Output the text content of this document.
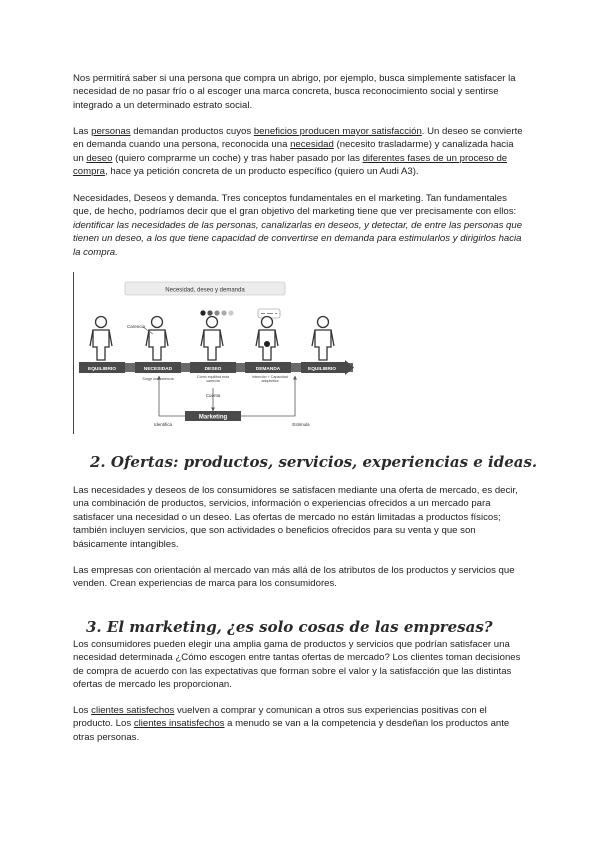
Nos permitirá saber si una persona que compra un abrigo, por ejemplo, busca simplemente satisfacer la necesidad de no pasar frío o al escoger una marca concreta, busca reconocimiento social y sentirse integrado a un determinado estrato social.

Las personas demandan productos cuyos beneficios producen mayor satisfacción. Un deseo se convierte en demanda cuando una persona, reconocida una necesidad (necesito trasladarme) y canalizada hacia un deseo (quiero comprarme un coche) y tras haber pasado por las diferentes fases de un proceso de compra, hace ya petición concreta de un producto específico (quiero un Audi A3).

Necesidades, Deseos y demanda. Tres conceptos fundamentales en el marketing. Tan fundamentales que, de hecho, podríamos decir que el gran objetivo del marketing tiene que ver precisamente con ellos: identificar las necesidades de las personas, canalizarlas en deseos, y detectar, de entre las personas que tienen un deseo, a los que tiene capacidad de convertirse en demanda para estimularlos y dirigirlos hacia la compra.

Necesidad, deseo y demanda
Carencia
EQUILIBRIO	NECESIDAD	DESEO	DEMANDA	EQUILIBRIO
Surge una carencia	Cómo equilibra esta carencia
Intención + Capacidad adquisitiva
Cuenta
Marketing
Identifica	Estimula
2. Ofertas: productos, servicios, experiencias e ideas.

Las necesidades y deseos de los consumidores se satisfacen mediante una oferta de mercado, es decir, una combinación de productos, servicios, información o experiencias ofrecidos a un mercado para satisfacer una necesidad o un deseo. Las ofertas de mercado no están limitadas a productos físicos; también incluyen servicios, que son actividades o beneficios ofrecidos para su venta y que son básicamente intangibles.

Las empresas con orientación al mercado van más allá de los atributos de los productos y servicios que venden. Crean experiencias de marca para los consumidores.

3. El marketing, ¿es solo cosas de las empresas?

Los consumidores pueden elegir una amplia gama de productos y servicios que podrían satisfacer una necesidad determinada ¿Cómo escogen entre tantas ofertas de mercado? Los clientes toman decisiones de compra de acuerdo con las expectativas que forman sobre el valor y la satisfacción que las distintas ofertas de mercado les proporcionan.

Los clientes satisfechos vuelven a comprar y comunican a otros sus experiencias positivas con el producto. Los clientes insatisfechos a menudo se van a la competencia y desdeñan los productos ante otras personas.
